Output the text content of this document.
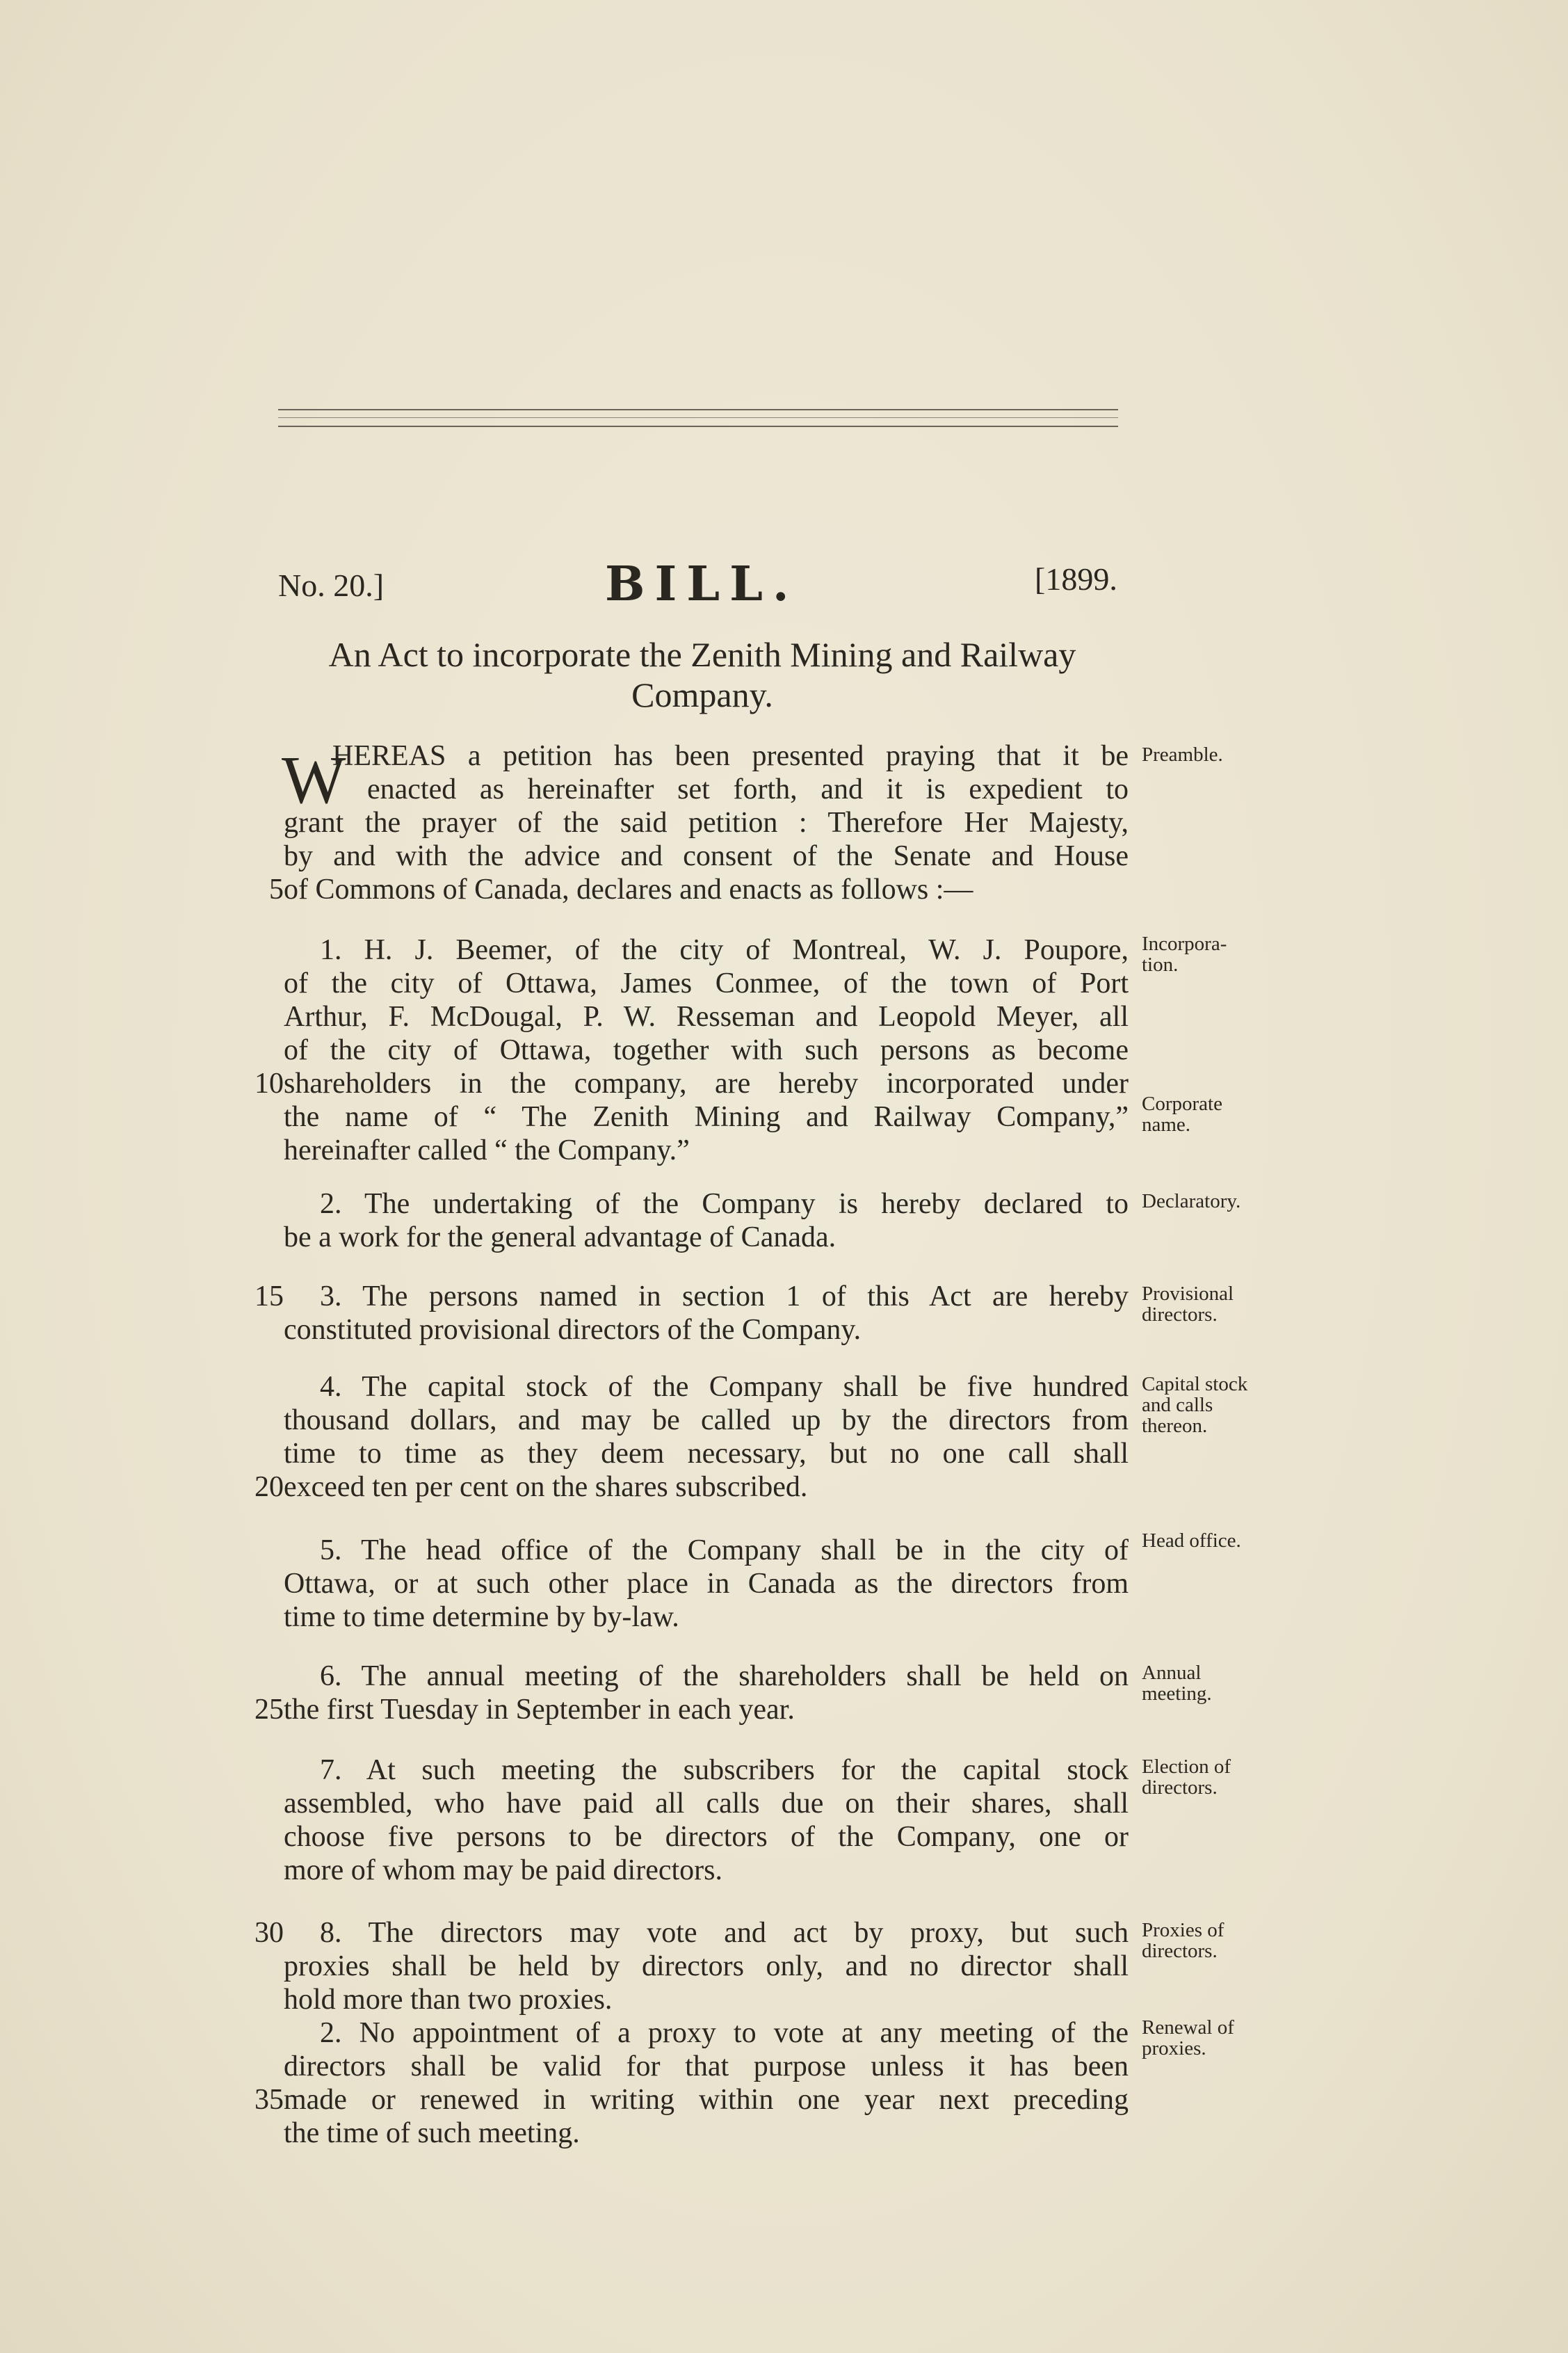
No. 20.]	BILL.	[1899.
An Act to incorporate the Zenith Mining and Railway
Company.
W
HEREAS a petition has been presented praying that it be
enacted as hereinafter set forth, and it is expedient to
grant the prayer of the said petition : Therefore Her Majesty,
by and with the advice and consent of the Senate and House
of Commons of Canada, declares and enacts as follows :—
5
Preamble.
1. H. J. Beemer, of the city of Montreal, W. J. Poupore,
of the city of Ottawa, James Conmee, of the town of Port
Arthur, F. McDougal, P. W. Resseman and Leopold Meyer, all
of the city of Ottawa, together with such persons as become
shareholders in the company, are hereby incorporated under
the name of “ The Zenith Mining and Railway Company,”
hereinafter called “ the Company.”
10
Incorpora-
tion.
Corporate
name.
2. The undertaking of the Company is hereby declared to
be a work for the general advantage of Canada.
Declaratory.
3. The persons named in section 1 of this Act are hereby
constituted provisional directors of the Company.
15	Provisional
directors.
4. The capital stock of the Company shall be five hundred
thousand dollars, and may be called up by the directors from
time to time as they deem necessary, but no one call shall
exceed ten per cent on the shares subscribed.
20
Capital stock
and calls
thereon.
5. The head office of the Company shall be in the city of
Ottawa, or at such other place in Canada as the directors from
time to time determine by by-law.
Head office.
6. The annual meeting of the shareholders shall be held on
the first Tuesday in September in each year.
25
Annual
meeting.
7. At such meeting the subscribers for the capital stock
assembled, who have paid all calls due on their shares, shall
choose five persons to be directors of the Company, one or
more of whom may be paid directors.
Election of
directors.
8. The directors may vote and act by proxy, but such
proxies shall be held by directors only, and no director shall
hold more than two proxies.
30	Proxies of
directors.
2. No appointment of a proxy to vote at any meeting of the
directors shall be valid for that purpose unless it has been
made or renewed in writing within one year next preceding
the time of such meeting.
35
Renewal of
proxies.
